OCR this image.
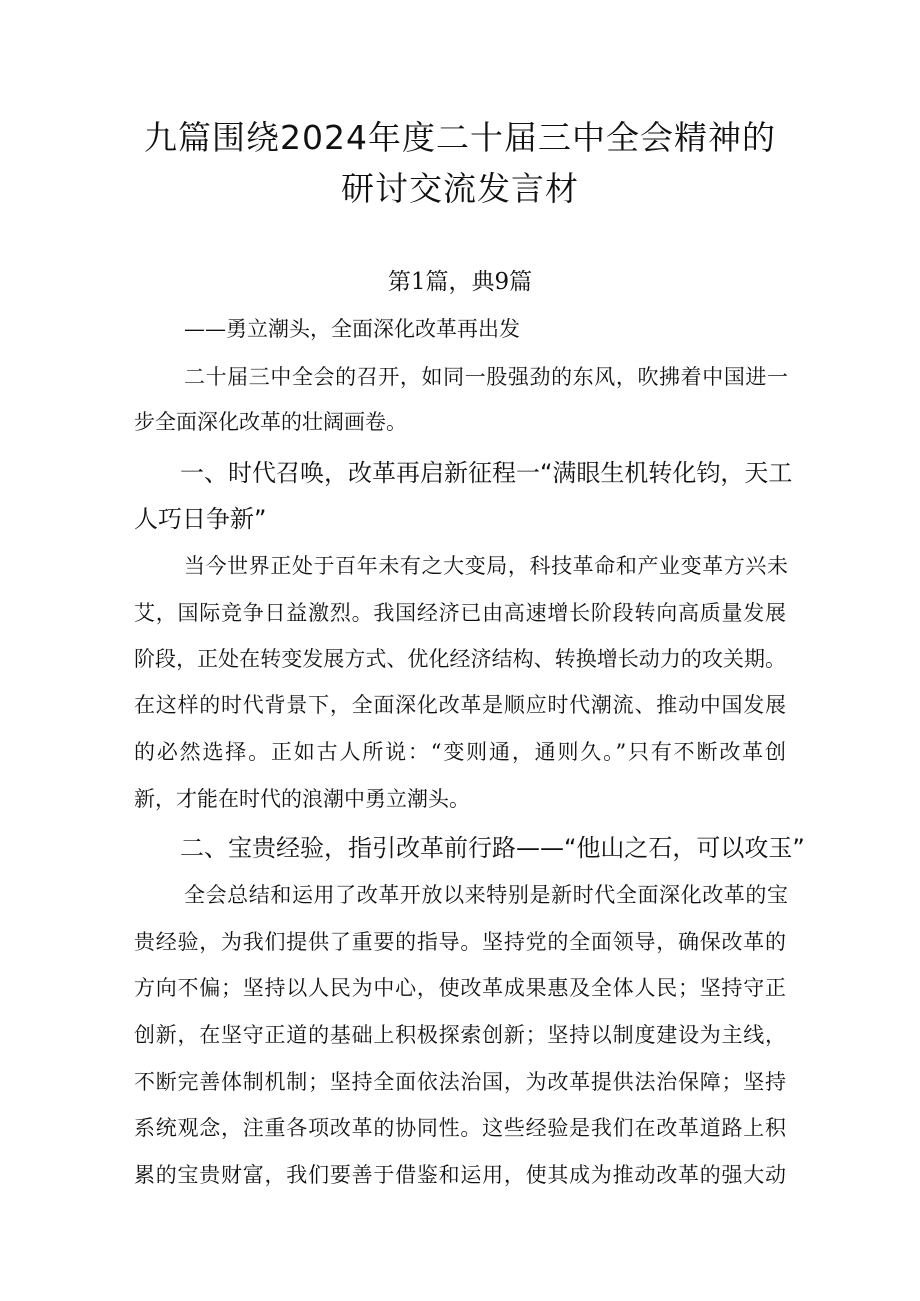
九篇围绕2024年度二十届三中全会精神的
研讨交流发言材
第1篇，典9篇
——勇立潮头，全面深化改革再出发
二十届三中全会的召开，如同一股强劲的东风，吹拂着中国进一
步全面深化改革的壮阔画卷。
一、时代召唤，改革再启新征程一“满眼生机转化钧，天工
人巧日争新”
当今世界正处于百年未有之大变局，科技革命和产业变革方兴未
艾，国际竞争日益激烈。我国经济已由高速增长阶段转向高质量发展
阶段，正处在转变发展方式、优化经济结构、转换增长动力的攻关期。
在这样的时代背景下，全面深化改革是顺应时代潮流、推动中国发展
的必然选择。正如古人所说：“变则通，通则久。”只有不断改革创
新，才能在时代的浪潮中勇立潮头。
二、宝贵经验，指引改革前行路——“他山之石，可以攻玉”
全会总结和运用了改革开放以来特别是新时代全面深化改革的宝
贵经验，为我们提供了重要的指导。坚持党的全面领导，确保改革的
方向不偏；坚持以人民为中心，使改革成果惠及全体人民；坚持守正
创新，在坚守正道的基础上积极探索创新；坚持以制度建设为主线，
不断完善体制机制；坚持全面依法治国，为改革提供法治保障；坚持
系统观念，注重各项改革的协同性。这些经验是我们在改革道路上积
累的宝贵财富，我们要善于借鉴和运用，使其成为推动改革的强大动
